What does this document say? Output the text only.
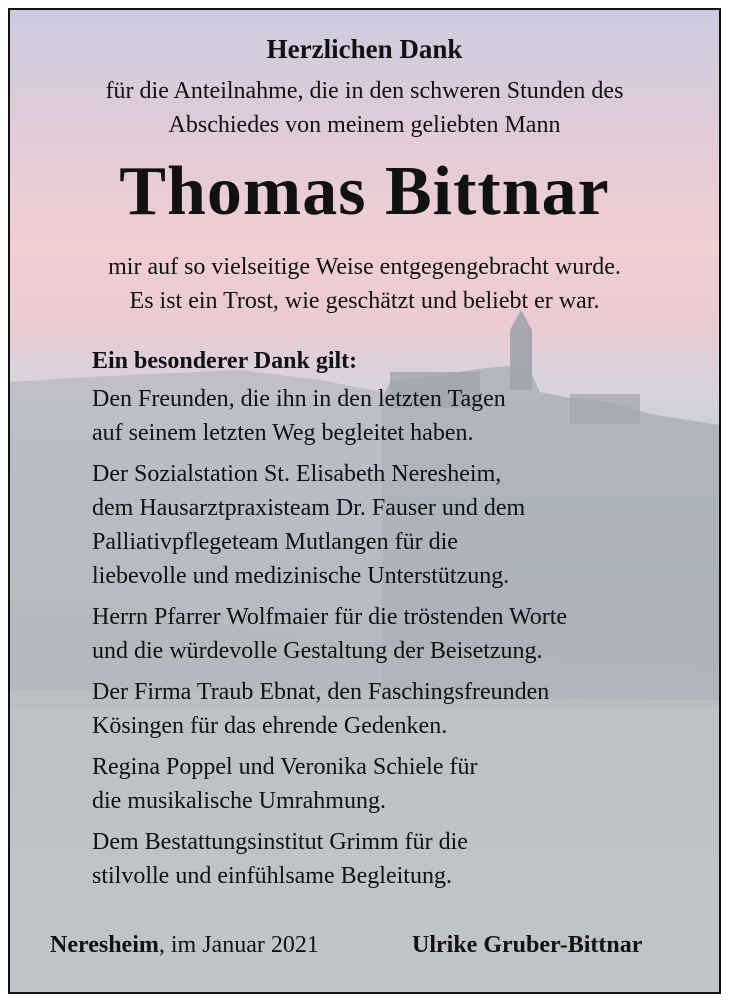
Herzlichen Dank
für die Anteilnahme, die in den schweren Stunden des
Abschiedes von meinem geliebten Mann
Thomas Bittnar
mir auf so vielseitige Weise entgegengebracht wurde.
Es ist ein Trost, wie geschätzt und beliebt er war.
Ein besonderer Dank gilt:
Den Freunden, die ihn in den letzten Tagen
auf seinem letzten Weg begleitet haben.
Der Sozialstation St. Elisabeth Neresheim,
dem Hausarztpraxisteam Dr. Fauser und dem
Palliativpflegeteam Mutlangen für die
liebevolle und medizinische Unterstützung.
Herrn Pfarrer Wolfmaier für die tröstenden Worte
und die würdevolle Gestaltung der Beisetzung.
Der Firma Traub Ebnat, den Faschingsfreunden
Kösingen für das ehrende Gedenken.
Regina Poppel und Veronika Schiele für
die musikalische Umrahmung.
Dem Bestattungsinstitut Grimm für die
stilvolle und einfühlsame Begleitung.
Neresheim, im Januar 2021	Ulrike Gruber-Bittnar
